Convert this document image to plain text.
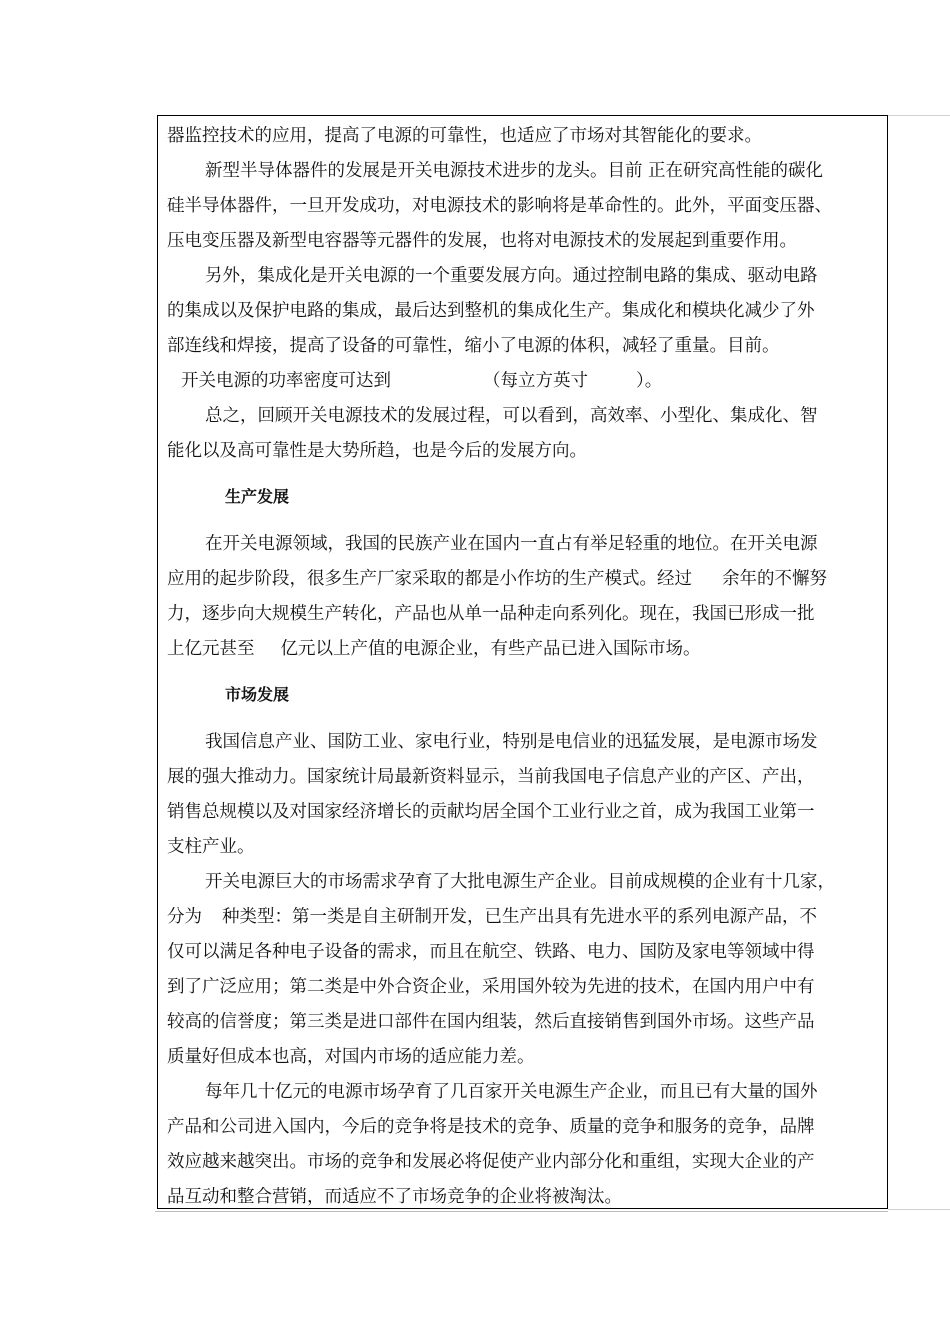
器监控技术的应用，提高了电源的可靠性，也适应了市场对其智能化的要求。
新型半导体器件的发展是开关电源技术进步的龙头。目前 正在研究高性能的碳化
硅半导体器件，一旦开发成功，对电源技术的影响将是革命性的。此外，平面变压器、
压电变压器及新型电容器等元器件的发展，也将对电源技术的发展起到重要作用。
另外，集成化是开关电源的一个重要发展方向。通过控制电路的集成、驱动电路
的集成以及保护电路的集成，最后达到整机的集成化生产。集成化和模块化减少了外
部连线和焊接，提高了设备的可靠性，缩小了电源的体积，减轻了重量。目前。
开关电源的功率密度可达到	（每立方英寸	）。
总之，回顾开关电源技术的发展过程，可以看到，高效率、小型化、集成化、智
能化以及高可靠性是大势所趋，也是今后的发展方向。
生产发展
在开关电源领域，我国的民族产业在国内一直占有举足轻重的地位。在开关电源
应用的起步阶段，很多生产厂家采取的都是小作坊的生产模式。经过 余年的不懈努
力，逐步向大规模生产转化，产品也从单一品种走向系列化。现在，我国已形成一批
上亿元甚至 亿元以上产值的电源企业，有些产品已进入国际市场。
市场发展
我国信息产业、国防工业、家电行业，特别是电信业的迅猛发展，是电源市场发
展的强大推动力。国家统计局最新资料显示，当前我国电子信息产业的产区、产出，
销售总规模以及对国家经济增长的贡献均居全国个工业行业之首，成为我国工业第一
支柱产业。
开关电源巨大的市场需求孕育了大批电源生产企业。目前成规模的企业有十几家，
分为 种类型：第一类是自主研制开发，已生产出具有先进水平的系列电源产品，不
仅可以满足各种电子设备的需求，而且在航空、铁路、电力、国防及家电等领域中得
到了广泛应用；第二类是中外合资企业，采用国外较为先进的技术，在国内用户中有
较高的信誉度；第三类是进口部件在国内组装，然后直接销售到国外市场。这些产品
质量好但成本也高，对国内市场的适应能力差。
每年几十亿元的电源市场孕育了几百家开关电源生产企业，而且已有大量的国外
产品和公司进入国内，今后的竞争将是技术的竞争、质量的竞争和服务的竞争，品牌
效应越来越突出。市场的竞争和发展必将促使产业内部分化和重组，实现大企业的产
品互动和整合营销，而适应不了市场竞争的企业将被淘汰。
